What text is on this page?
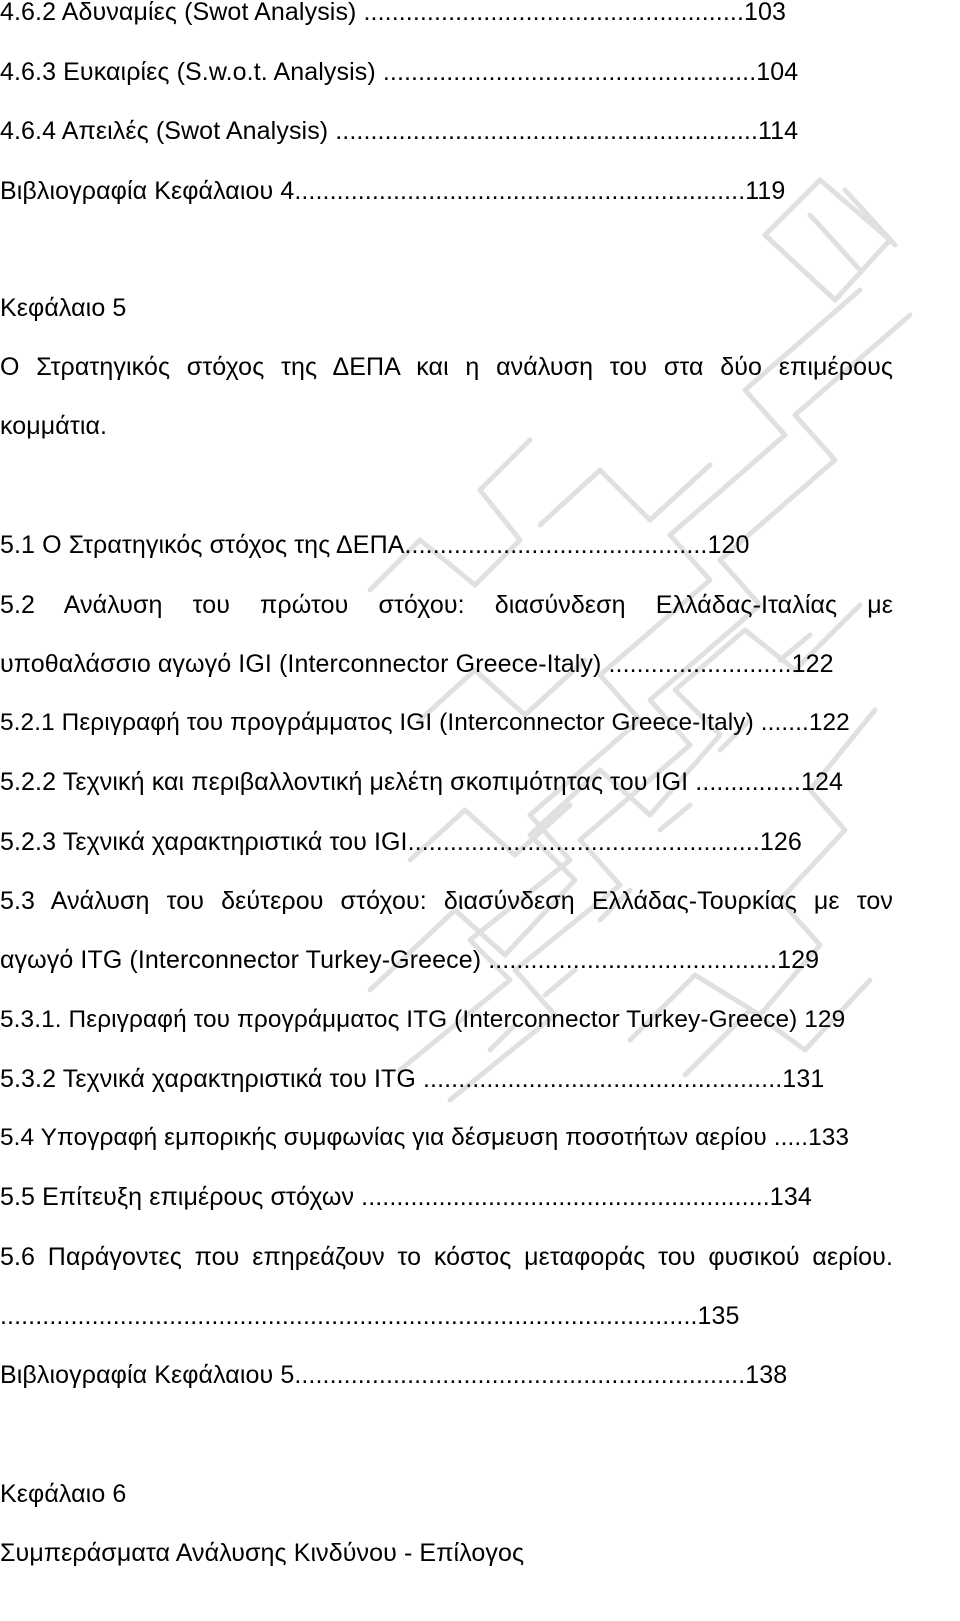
4.6.2 Αδυναμίες (Swot Analysis) ......................................................103
4.6.3 Ευκαιρίες (S.w.o.t. Analysis) .....................................................104
4.6.4 Απειλές (Swot Analysis) ............................................................114
Βιβλιογραφία Κεφάλαιου 4................................................................119
Κεφάλαιο 5
Ο Στρατηγικός στόχος της ΔΕΠΑ και η ανάλυση του στα δύο επιμέρους
κομμάτια.
5.1 Ο Στρατηγικός στόχος της ΔΕΠΑ...........................................120
5.2 Ανάλυση του πρώτου στόχου: διασύνδεση Ελλάδας-Ιταλίας με
υποθαλάσσιο αγωγό IGI (Interconnector Greece-Italy) ..........................122
5.2.1 Περιγραφή του προγράμματος IGI (Interconnector Greece-Italy) .......122
5.2.2 Τεχνική και περιβαλλοντική μελέτη σκοπιμότητας του IGI ...............124
5.2.3 Τεχνικά χαρακτηριστικά του IGI..................................................126
5.3 Ανάλυση του δεύτερου στόχου: διασύνδεση Ελλάδας-Τουρκίας με τον
αγωγό ITG (Interconnector Turkey-Greece) .........................................129
5.3.1. Περιγραφή του προγράμματος ITG (Interconnector Turkey-Greece) 129
5.3.2 Τεχνικά χαρακτηριστικά του ITG ...................................................131
5.4 Υπογραφή εμπορικής συμφωνίας για δέσμευση ποσοτήτων αερίου .....133
5.5 Επίτευξη επιμέρους στόχων ..........................................................134
5.6 Παράγοντες που επηρεάζουν το κόστος μεταφοράς του φυσικού αερίου.
...................................................................................................135
Βιβλιογραφία Κεφάλαιου 5................................................................138
Κεφάλαιο 6
Συμπεράσματα Ανάλυσης Κινδύνου - Επίλογος
